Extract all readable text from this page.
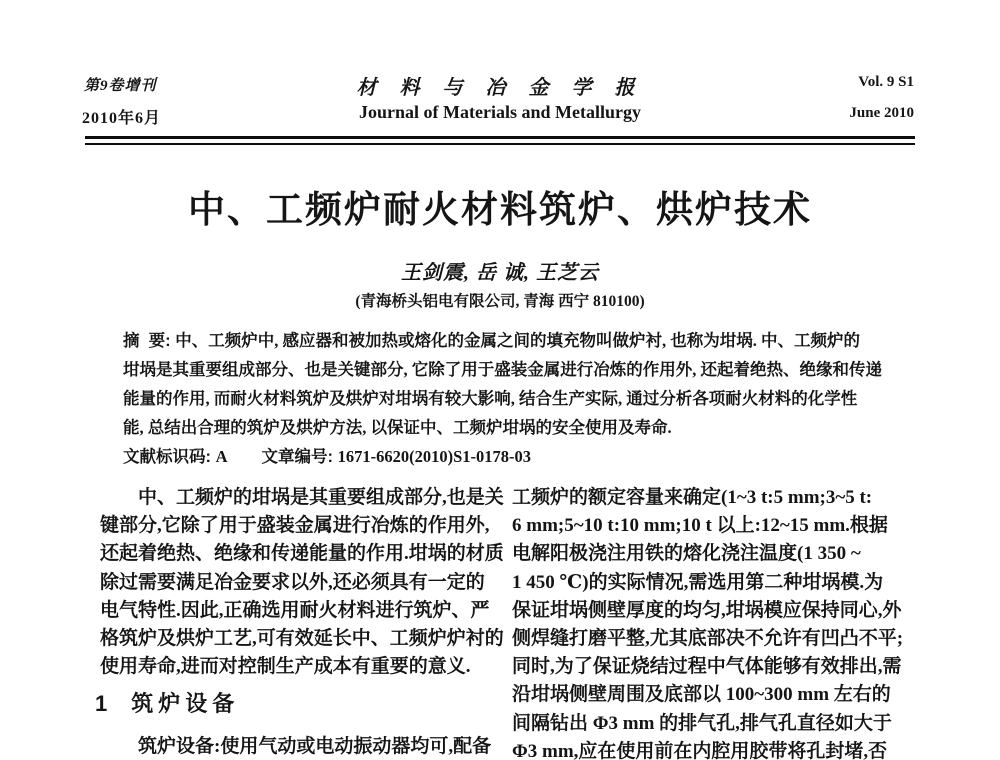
第9卷增刊
2010年6月
材 料 与 冶 金 学 报
Journal of Materials and Metallurgy
Vol. 9 S1
June 2010
中、工频炉耐火材料筑炉、烘炉技术
王剑震, 岳 诚, 王芝云
(青海桥头铝电有限公司, 青海 西宁 810100)
摘  要: 中、工频炉中, 感应器和被加热或熔化的金属之间的填充物叫做炉衬, 也称为坩埚. 中、工频炉的
坩埚是其重要组成部分、也是关键部分, 它除了用于盛装金属进行冶炼的作用外, 还起着绝热、绝缘和传递
能量的作用, 而耐火材料筑炉及烘炉对坩埚有较大影响, 结合生产实际, 通过分析各项耐火材料的化学性
能, 总结出合理的筑炉及烘炉方法, 以保证中、工频炉坩埚的安全使用及寿命.
文献标识码: A 文章编号: 1671-6620(2010)S1-0178-03
中、工频炉的坩埚是其重要组成部分,也是关
键部分,它除了用于盛装金属进行冶炼的作用外,
还起着绝热、绝缘和传递能量的作用.坩埚的材质
除过需要满足冶金要求以外,还必须具有一定的
电气特性.因此,正确选用耐火材料进行筑炉、严
格筑炉及烘炉工艺,可有效延长中、工频炉炉衬的
使用寿命,进而对控制生产成本有重要的意义.
1 筑炉设备
筑炉设备:使用气动或电动振动器均可,配备
工频炉的额定容量来确定(1~3 t:5 mm;3~5 t:
6 mm;5~10 t:10 mm;10 t 以上:12~15 mm.根据
电解阳极浇注用铁的熔化浇注温度(1 350 ~
1 450 ℃)的实际情况,需选用第二种坩埚模.为
保证坩埚侧壁厚度的均匀,坩埚模应保持同心,外
侧焊缝打磨平整,尤其底部决不允许有凹凸不平;
同时,为了保证烧结过程中气体能够有效排出,需
沿坩埚侧壁周围及底部以 100~300 mm 左右的
间隔钻出 Φ3 mm 的排气孔,排气孔直径如大于
Φ3 mm,应在使用前在内腔用胶带将孔封堵,否
